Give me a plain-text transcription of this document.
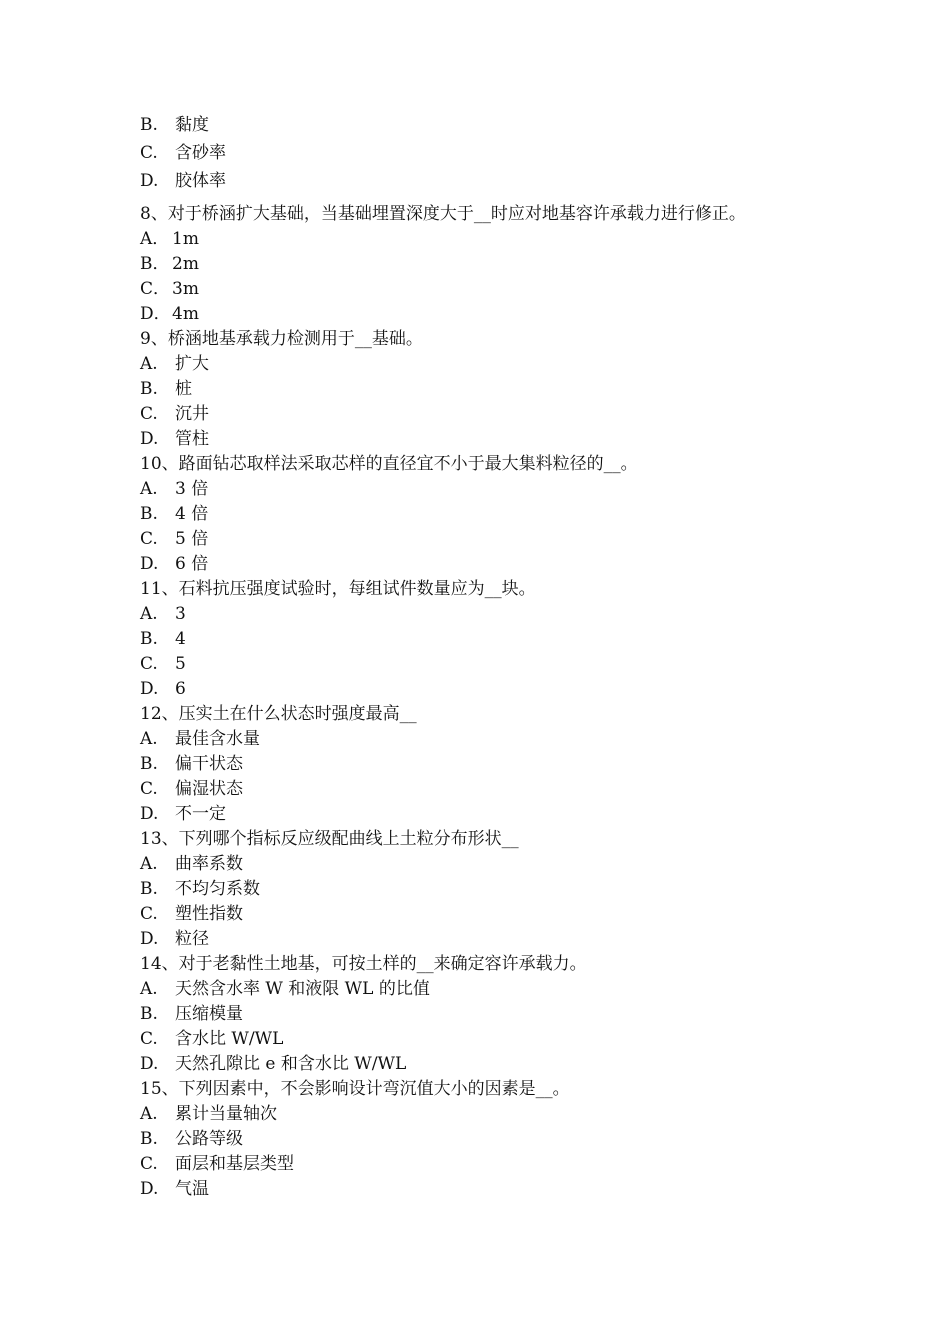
B. 黏度
C. 含砂率
D. 胶体率
8、对于桥涵扩大基础，当基础埋置深度大于__时应对地基容许承载力进行修正。
A． 1m
B． 2m
C． 3m
D．4m
9、桥涵地基承载力检测用于__基础。
A. 扩大
B. 桩
C. 沉井
D. 管柱
10、路面钻芯取样法采取芯样的直径宜不小于最大集料粒径的__。
A. 3 倍
B. 4 倍
C. 5 倍
D. 6 倍
11、石料抗压强度试验时，每组试件数量应为__块。
A. 3
B. 4
C. 5
D. 6
12、压实土在什么状态时强度最高__
A. 最佳含水量
B. 偏干状态
C. 偏湿状态
D. 不一定
13、下列哪个指标反应级配曲线上土粒分布形状__
A. 曲率系数
B. 不均匀系数
C. 塑性指数
D. 粒径
14、对于老黏性土地基，可按土样的__来确定容许承载力。
A. 天然含水率 W 和液限 WL 的比值
B. 压缩模量
C. 含水比 W/WL
D. 天然孔隙比 e 和含水比 W/WL
15、下列因素中，不会影响设计弯沉值大小的因素是__。
A. 累计当量轴次
B. 公路等级
C. 面层和基层类型
D. 气温
